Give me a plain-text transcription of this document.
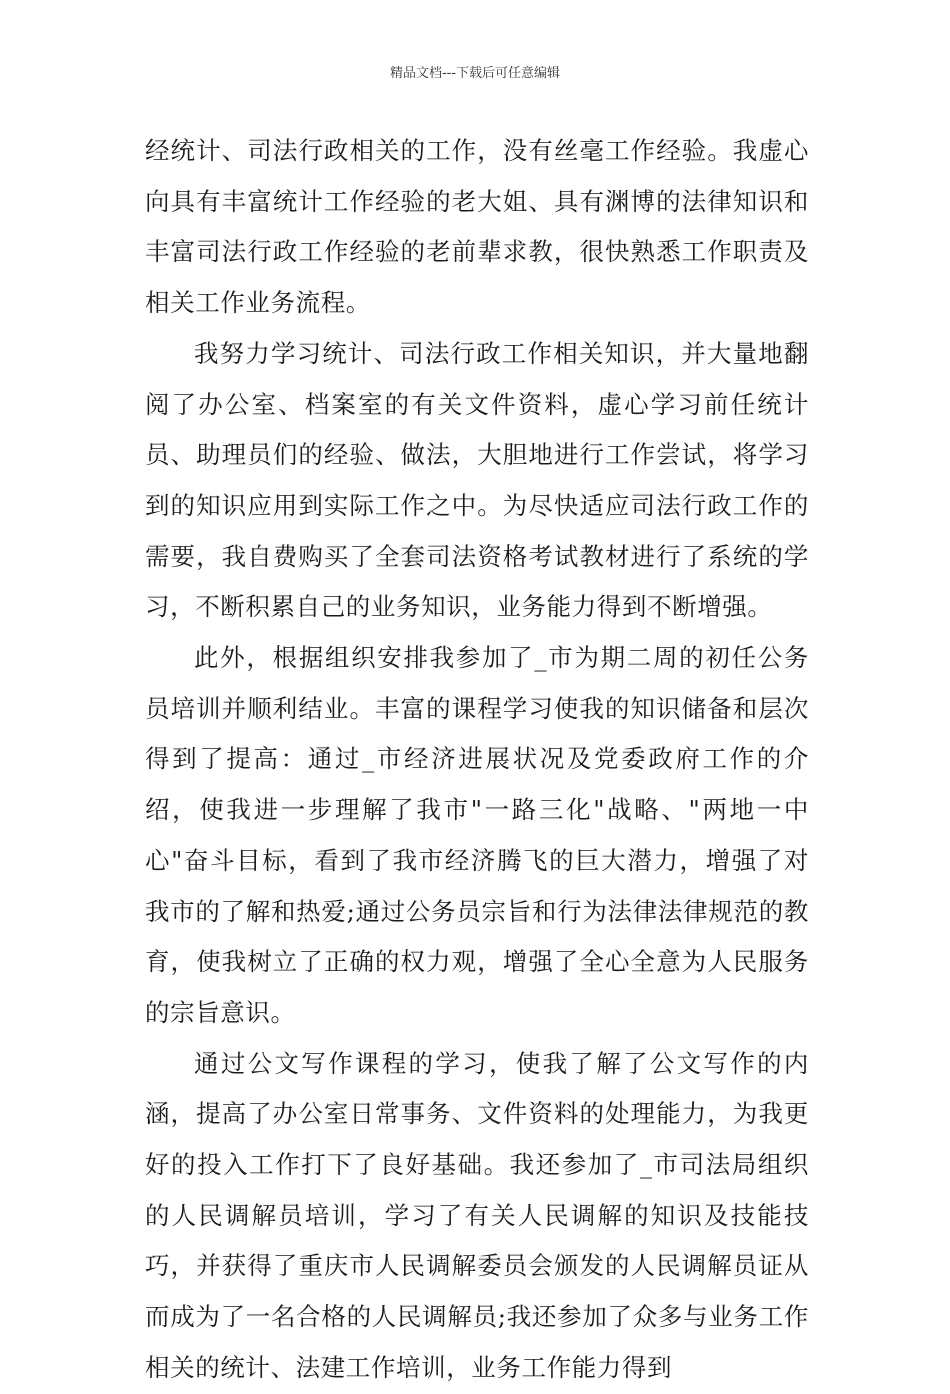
精品文档---下载后可任意编辑

经统计、司法行政相关的工作，没有丝毫工作经验。我虚心向具有丰富统计工作经验的老大姐、具有渊博的法律知识和丰富司法行政工作经验的老前辈求教，很快熟悉工作职责及相关工作业务流程。

我努力学习统计、司法行政工作相关知识，并大量地翻阅了办公室、档案室的有关文件资料，虚心学习前任统计员、助理员们的经验、做法，大胆地进行工作尝试，将学习到的知识应用到实际工作之中。为尽快适应司法行政工作的需要，我自费购买了全套司法资格考试教材进行了系统的学习，不断积累自己的业务知识，业务能力得到不断增强。

此外，根据组织安排我参加了_市为期二周的初任公务员培训并顺利结业。丰富的课程学习使我的知识储备和层次得到了提高：通过_市经济进展状况及党委政府工作的介绍，使我进一步理解了我市"一路三化"战略、"两地一中心"奋斗目标，看到了我市经济腾飞的巨大潜力，增强了对我市的了解和热爱;通过公务员宗旨和行为法律法律规范的教育，使我树立了正确的权力观，增强了全心全意为人民服务的宗旨意识。

通过公文写作课程的学习，使我了解了公文写作的内涵，提高了办公室日常事务、文件资料的处理能力，为我更好的投入工作打下了良好基础。我还参加了_市司法局组织的人民调解员培训，学习了有关人民调解的知识及技能技巧，并获得了重庆市人民调解委员会颁发的人民调解员证从而成为了一名合格的人民调解员;我还参加了众多与业务工作相关的统计、法建工作培训，业务工作能力得到
